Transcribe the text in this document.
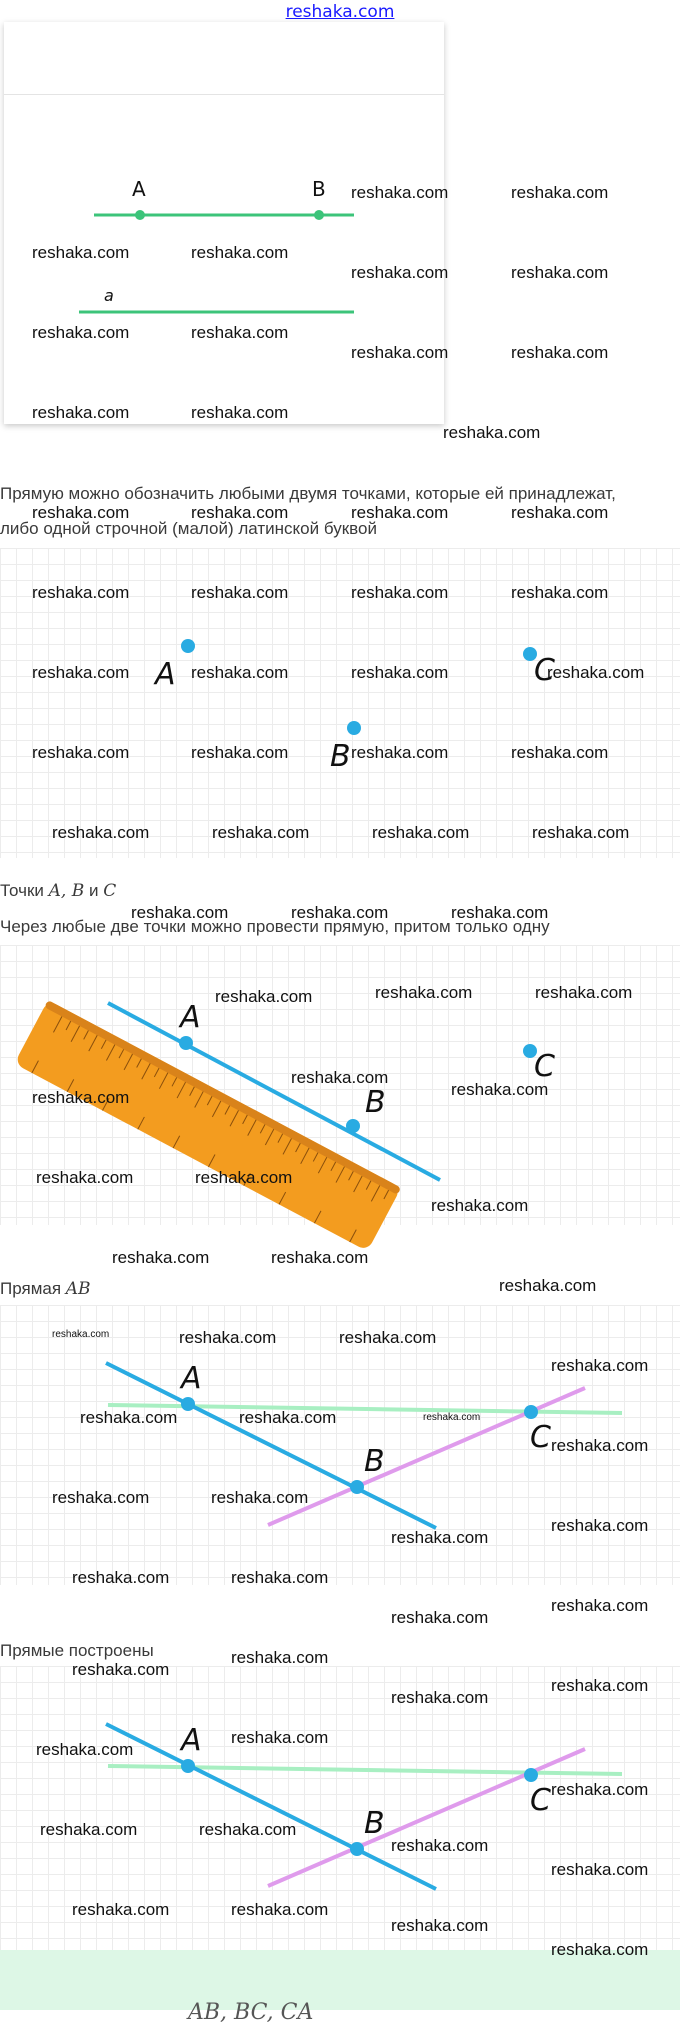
reshaka.com
A	B
a
Прямую можно обозначить любыми двумя точками, которые ей принадлежат,
либо одной строчной (малой) латинской буквой
A	C
B
Точки A, B и C
Через любые две точки можно провести прямую, притом только одну
A
B
C
Прямая AB
A
B
C
Прямые построены
A
B
C
AB, BC, CA
reshaka.com	reshaka.com
reshaka.com	reshaka.com
reshaka.com	reshaka.com
reshaka.com	reshaka.com
reshaka.com	reshaka.com
reshaka.com	reshaka.com
reshaka.com
reshaka.com	reshaka.com	reshaka.com	reshaka.com
reshaka.com	reshaka.com	reshaka.com	reshaka.com
reshaka.com	reshaka.com	reshaka.com	reshaka.com
reshaka.com	reshaka.com	reshaka.com	reshaka.com
reshaka.com	reshaka.com	reshaka.com	reshaka.com
reshaka.com	reshaka.com	reshaka.com
reshaka.com	reshaka.com	reshaka.com
reshaka.com
reshaka.com
reshaka.com
reshaka.com	reshaka.com
reshaka.com
reshaka.com	reshaka.com
reshaka.com
reshaka.com	reshaka.com	reshaka.com
reshaka.com
reshaka.com	reshaka.com	reshaka.com
reshaka.com
reshaka.com	reshaka.com
reshaka.com
reshaka.com
reshaka.com	reshaka.com
reshaka.com
reshaka.com
reshaka.com
reshaka.com
reshaka.com
reshaka.com
reshaka.com
reshaka.com
reshaka.com
reshaka.com	reshaka.com
reshaka.com
reshaka.com
reshaka.com	reshaka.com
reshaka.com
reshaka.com
